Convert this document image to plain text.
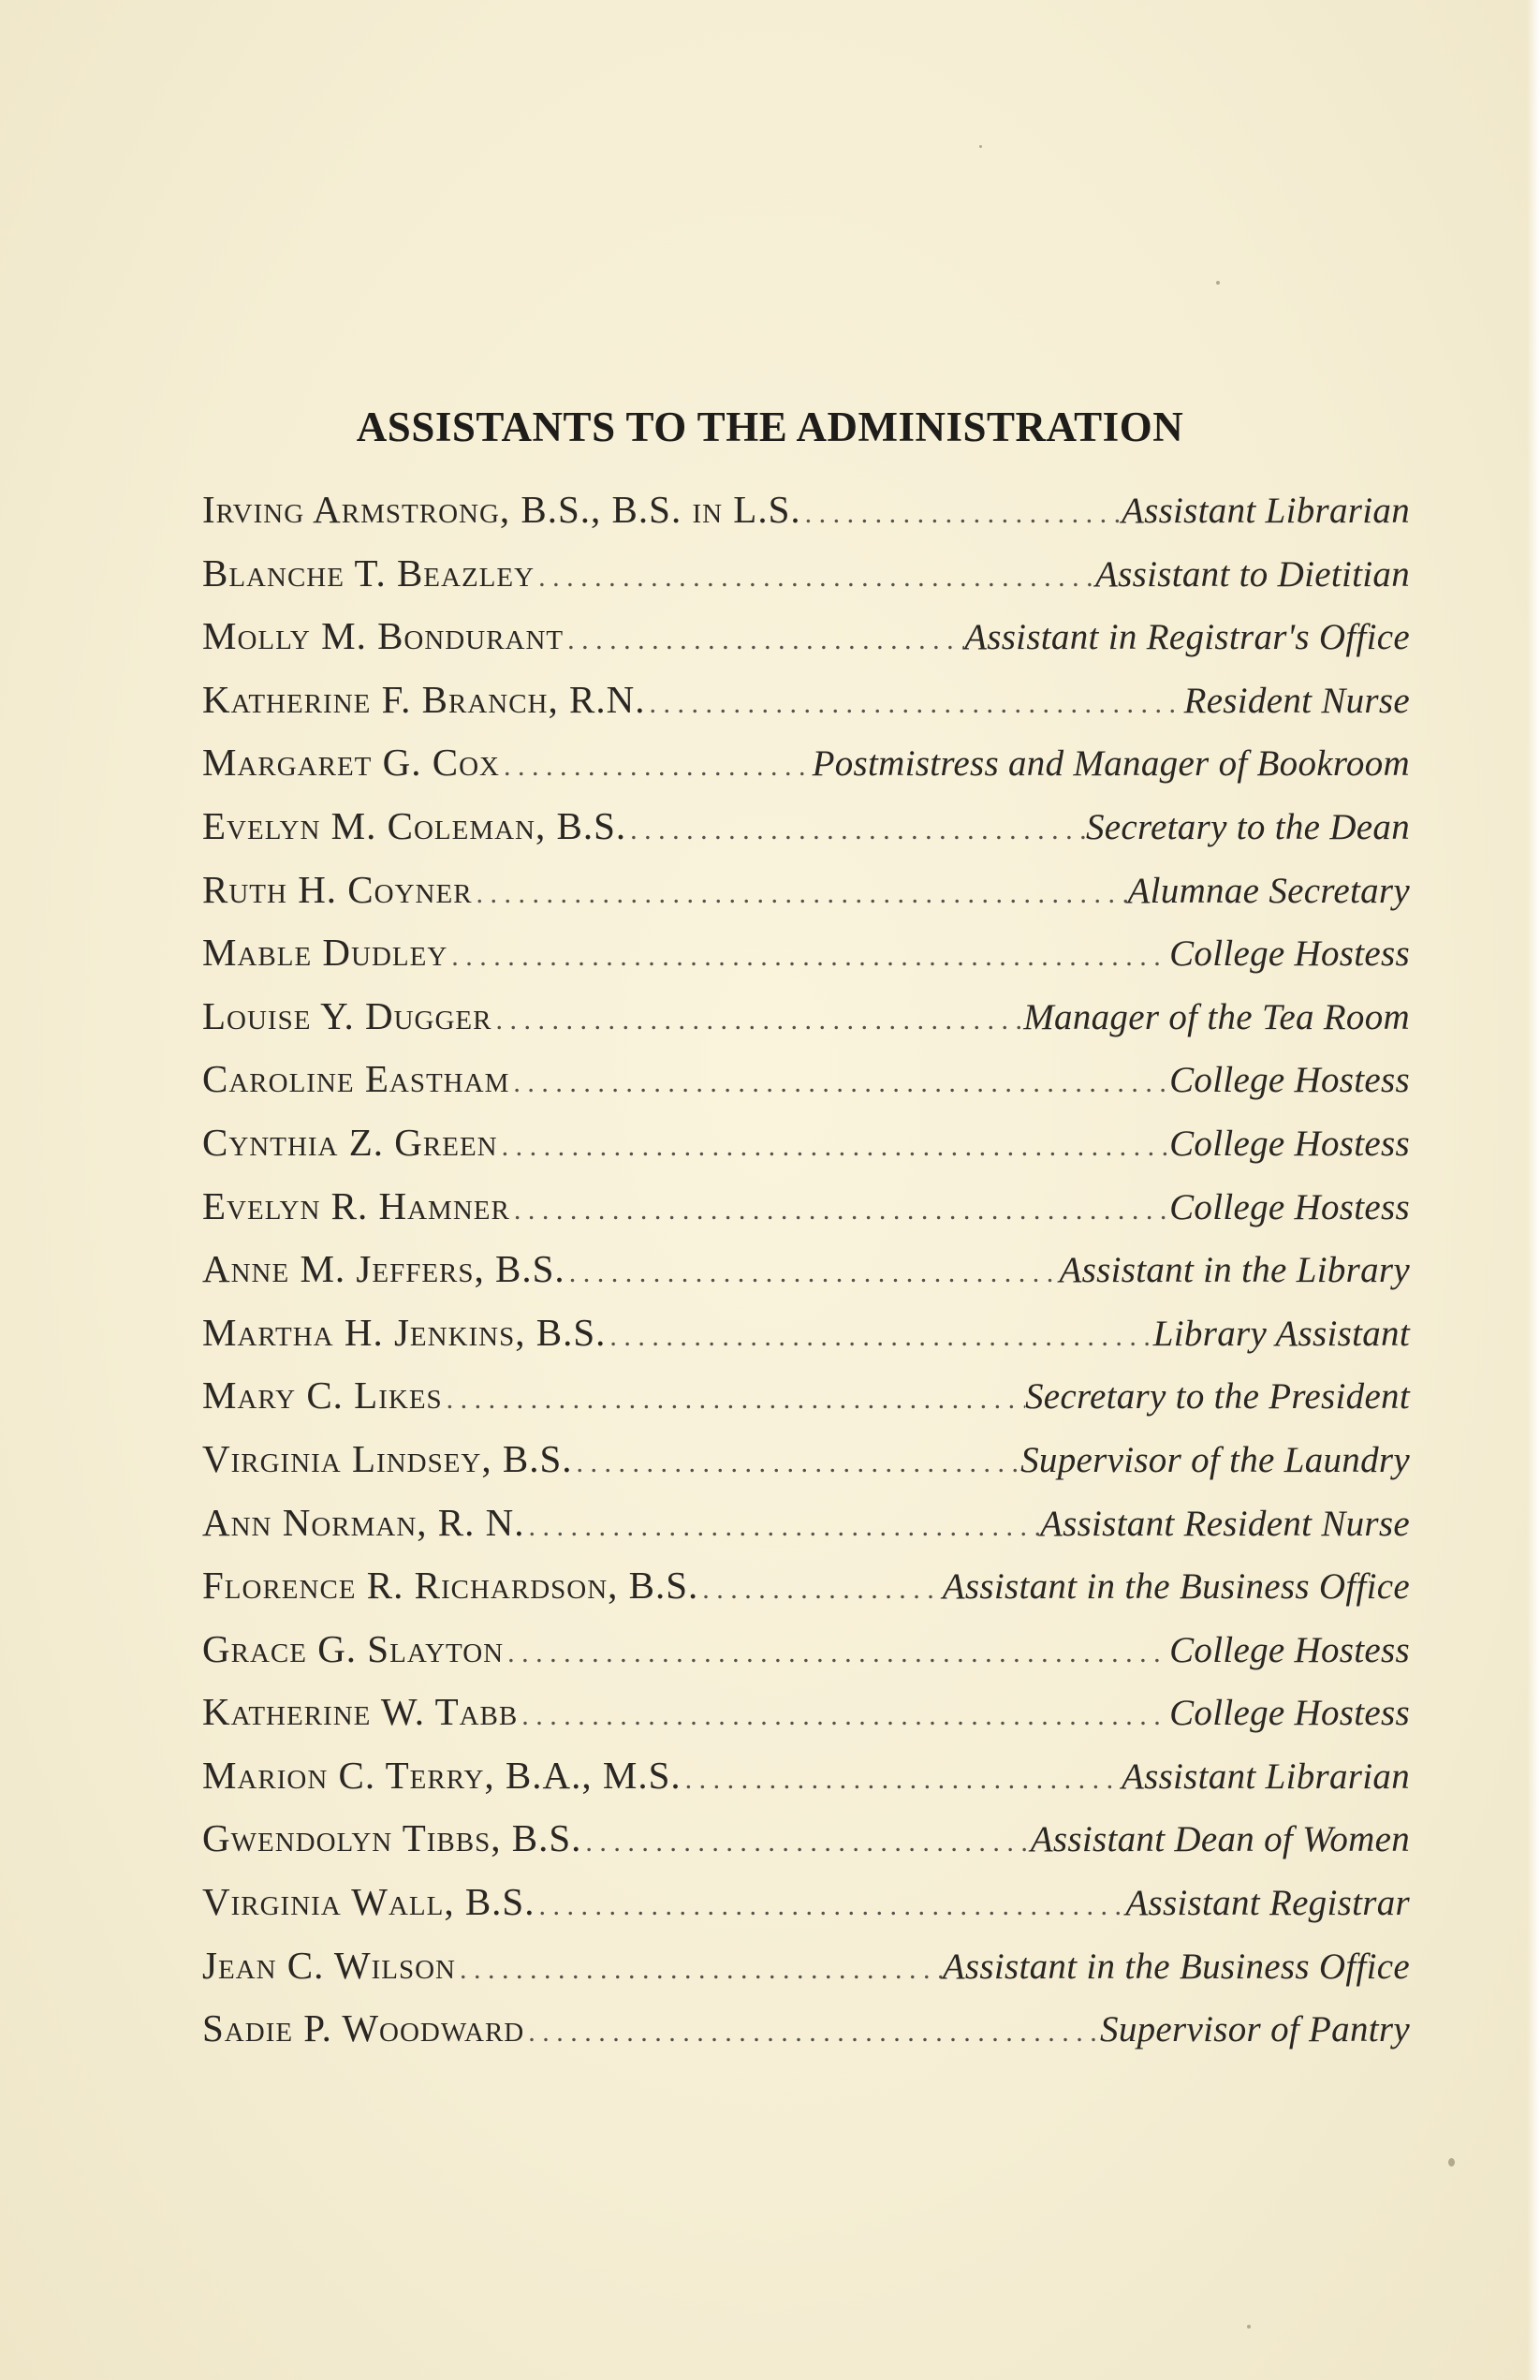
ASSISTANTS TO THE ADMINISTRATION
Irving Armstrong, B.S., B.S. in L.S. . . .	Assistant Librarian
Blanche T. Beazley . . .	Assistant to Dietitian
Molly M. Bondurant . . .	Assistant in Registrar's Office
Katherine F. Branch, R.N. . . .	Resident Nurse
Margaret G. Cox . . .	Postmistress and Manager of Bookroom
Evelyn M. Coleman, B.S. . . .	Secretary to the Dean
Ruth H. Coyner . . .	Alumnae Secretary
Mable Dudley . . .	College Hostess
Louise Y. Dugger . . .	Manager of the Tea Room
Caroline Eastham . . .	College Hostess
Cynthia Z. Green . . .	College Hostess
Evelyn R. Hamner . . .	College Hostess
Anne M. Jeffers, B.S. . . .	Assistant in the Library
Martha H. Jenkins, B.S. . . .	Library Assistant
Mary C. Likes . . .	Secretary to the President
Virginia Lindsey, B.S. . . .	Supervisor of the Laundry
Ann Norman, R. N. . . .	Assistant Resident Nurse
Florence R. Richardson, B.S. . . .	Assistant in the Business Office
Grace G. Slayton . . .	College Hostess
Katherine W. Tabb . . .	College Hostess
Marion C. Terry, B.A., M.S. . . .	Assistant Librarian
Gwendolyn Tibbs, B.S. . . .	Assistant Dean of Women
Virginia Wall, B.S. . . .	Assistant Registrar
Jean C. Wilson . . .	Assistant in the Business Office
Sadie P. Woodward . . .	Supervisor of Pantry
